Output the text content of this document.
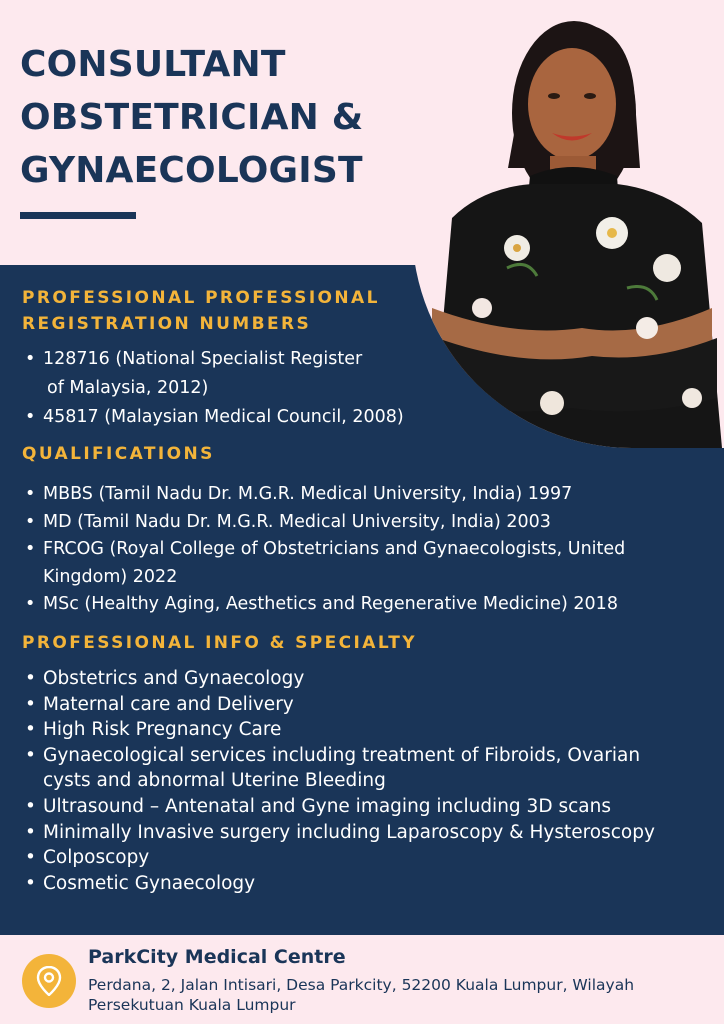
CONSULTANT
OBSTETRICIAN &
GYNAECOLOGIST
PROFESSIONAL PROFESSIONAL
REGISTRATION NUMBERS
• 128716 (National Specialist Register
of Malaysia, 2012)
• 45817 (Malaysian Medical Council, 2008)
QUALIFICATIONS
• MBBS (Tamil Nadu Dr. M.G.R. Medical University, India) 1997
• MD (Tamil Nadu Dr. M.G.R. Medical University, India) 2003
• FRCOG (Royal College of Obstetricians and Gynaecologists, United Kingdom) 2022
• MSc (Healthy Aging, Aesthetics and Regenerative Medicine) 2018
PROFESSIONAL INFO & SPECIALTY
• Obstetrics and Gynaecology
• Maternal care and Delivery
• High Risk Pregnancy Care
• Gynaecological services including treatment of Fibroids, Ovarian cysts and abnormal Uterine Bleeding
• Ultrasound – Antenatal and Gyne imaging including 3D scans
• Minimally Invasive surgery including Laparoscopy & Hysteroscopy
• Colposcopy
• Cosmetic Gynaecology
ParkCity Medical Centre
Perdana, 2, Jalan Intisari, Desa Parkcity, 52200 Kuala Lumpur, Wilayah Persekutuan Kuala Lumpur
